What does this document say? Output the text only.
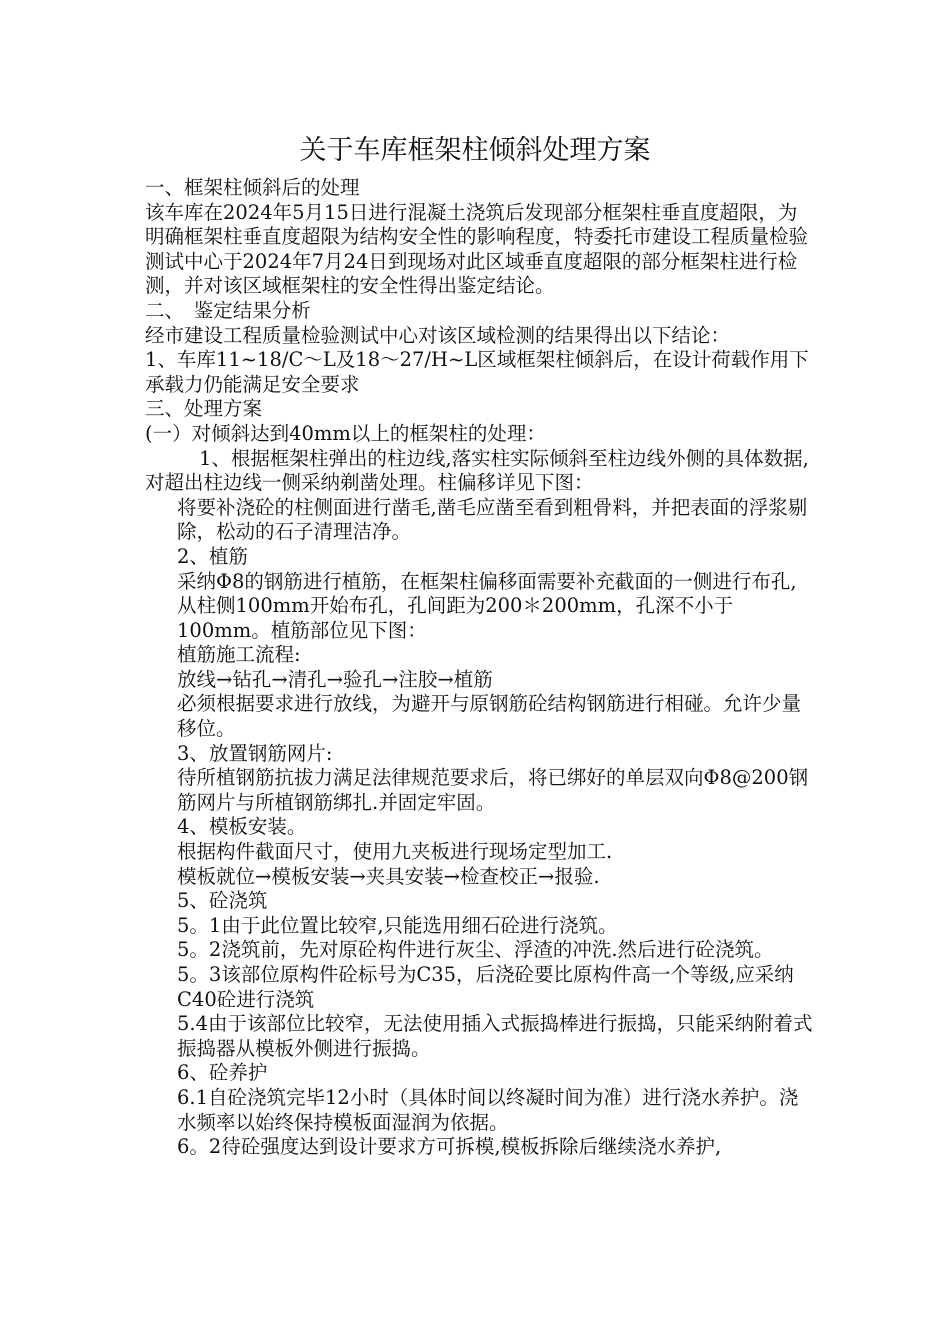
关于车库框架柱倾斜处理方案

一、框架柱倾斜后的处理

该车库在2024年5月15日进行混凝土浇筑后发现部分框架柱垂直度超限，为明确框架柱垂直度超限为结构安全性的影响程度，特委托市建设工程质量检验测试中心于2024年7月24日到现场对此区域垂直度超限的部分框架柱进行检测，并对该区域框架柱的安全性得出鉴定结论。

二、　鉴定结果分析

经市建设工程质量检验测试中心对该区域检测的结果得出以下结论：

1、车库11~18/C～L及18～27/H~L区域框架柱倾斜后，在设计荷载作用下承载力仍能满足安全要求

三、处理方案

(一）对倾斜达到40mm以上的框架柱的处理：

1、根据框架柱弹出的柱边线,落实柱实际倾斜至柱边线外侧的具体数据,对超出柱边线一侧采纳剃凿处理。柱偏移详见下图：

将要补浇砼的柱侧面进行凿毛,凿毛应凿至看到粗骨料，并把表面的浮浆剔除，松动的石子清理洁净。

2、植筋

采纳Φ8的钢筋进行植筋，在框架柱偏移面需要补充截面的一侧进行布孔,从柱侧100mm开始布孔，孔间距为200＊200mm，孔深不小于100mm。植筋部位见下图：

植筋施工流程:

放线→钻孔→清孔→验孔→注胶→植筋

必须根据要求进行放线，为避开与原钢筋砼结构钢筋进行相碰。允许少量移位。

3、放置钢筋网片:

待所植钢筋抗拔力满足法律规范要求后，将已绑好的单层双向Φ8@200钢筋网片与所植钢筋绑扎.并固定牢固。

4、模板安装。

根据构件截面尺寸，使用九夹板进行现场定型加工.

模板就位→模板安装→夹具安装→检查校正→报验.

5、砼浇筑

5。1由于此位置比较窄,只能选用细石砼进行浇筑。

5。2浇筑前，先对原砼构件进行灰尘、浮渣的冲洗.然后进行砼浇筑。

5。3该部位原构件砼标号为C35，后浇砼要比原构件高一个等级,应采纳C40砼进行浇筑

5.4由于该部位比较窄，无法使用插入式振捣棒进行振捣，只能采纳附着式振捣器从模板外侧进行振捣。

6、砼养护

6.1自砼浇筑完毕12小时（具体时间以终凝时间为准）进行浇水养护。浇水频率以始终保持模板面湿润为依据。

6。2待砼强度达到设计要求方可拆模,模板拆除后继续浇水养护,
